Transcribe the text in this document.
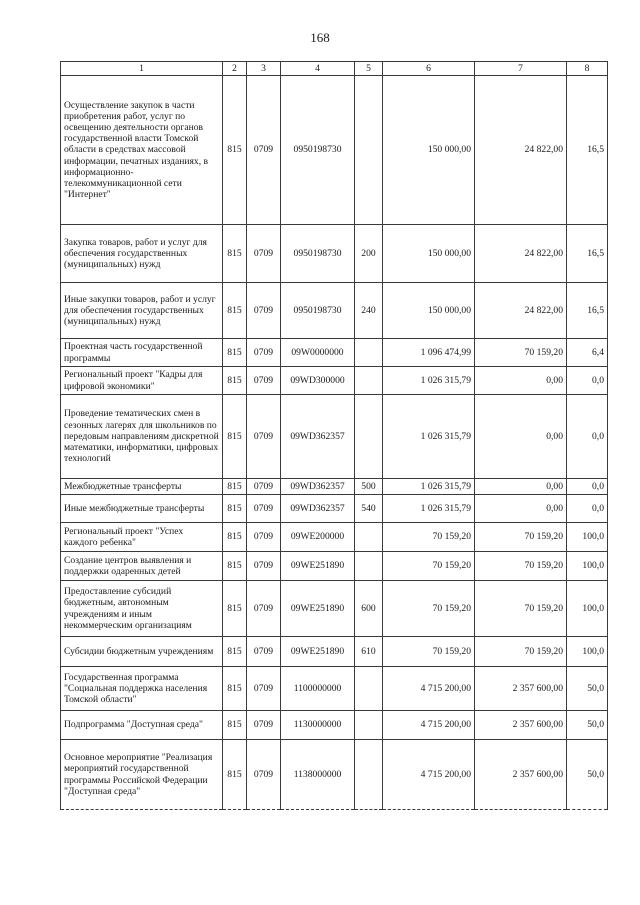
168
1	2	3	4	5	6	7	8
Осуществление закупок в части приобретения работ, услуг по освещению деятельности органов государственной власти Томской области в средствах массовой информации, печатных изданиях, в информационно-телекоммуникационной сети "Интернет"	815	0709	0950198730		150 000,00	24 822,00	16,5
Закупка товаров, работ и услуг для обеспечения государственных (муниципальных) нужд	815	0709	0950198730	200	150 000,00	24 822,00	16,5
Иные закупки товаров, работ и услуг для обеспечения государственных (муниципальных) нужд	815	0709	0950198730	240	150 000,00	24 822,00	16,5
Проектная часть государственной программы	815	0709	09W0000000		1 096 474,99	70 159,20	6,4
Региональный проект "Кадры для цифровой экономики"	815	0709	09WD300000		1 026 315,79	0,00	0,0
Проведение тематических смен в сезонных лагерях для школьников по передовым направлениям дискретной математики, информатики, цифровых технологий	815	0709	09WD362357		1 026 315,79	0,00	0,0
Межбюджетные трансферты	815	0709	09WD362357	500	1 026 315,79	0,00	0,0
Иные межбюджетные трансферты	815	0709	09WD362357	540	1 026 315,79	0,00	0,0
Региональный проект "Успех каждого ребенка"	815	0709	09WE200000		70 159,20	70 159,20	100,0
Создание центров выявления и поддержки одаренных детей	815	0709	09WE251890		70 159,20	70 159,20	100,0
Предоставление субсидий бюджетным, автономным учреждениям и иным некоммерческим организациям	815	0709	09WE251890	600	70 159,20	70 159,20	100,0
Субсидии бюджетным учреждениям	815	0709	09WE251890	610	70 159,20	70 159,20	100,0
Государственная программа "Социальная поддержка населения Томской области"	815	0709	1100000000		4 715 200,00	2 357 600,00	50,0
Подпрограмма "Доступная среда"	815	0709	1130000000		4 715 200,00	2 357 600,00	50,0
Основное мероприятие "Реализация мероприятий государственной программы Российской Федерации "Доступная среда"	815	0709	1138000000		4 715 200,00	2 357 600,00	50,0
